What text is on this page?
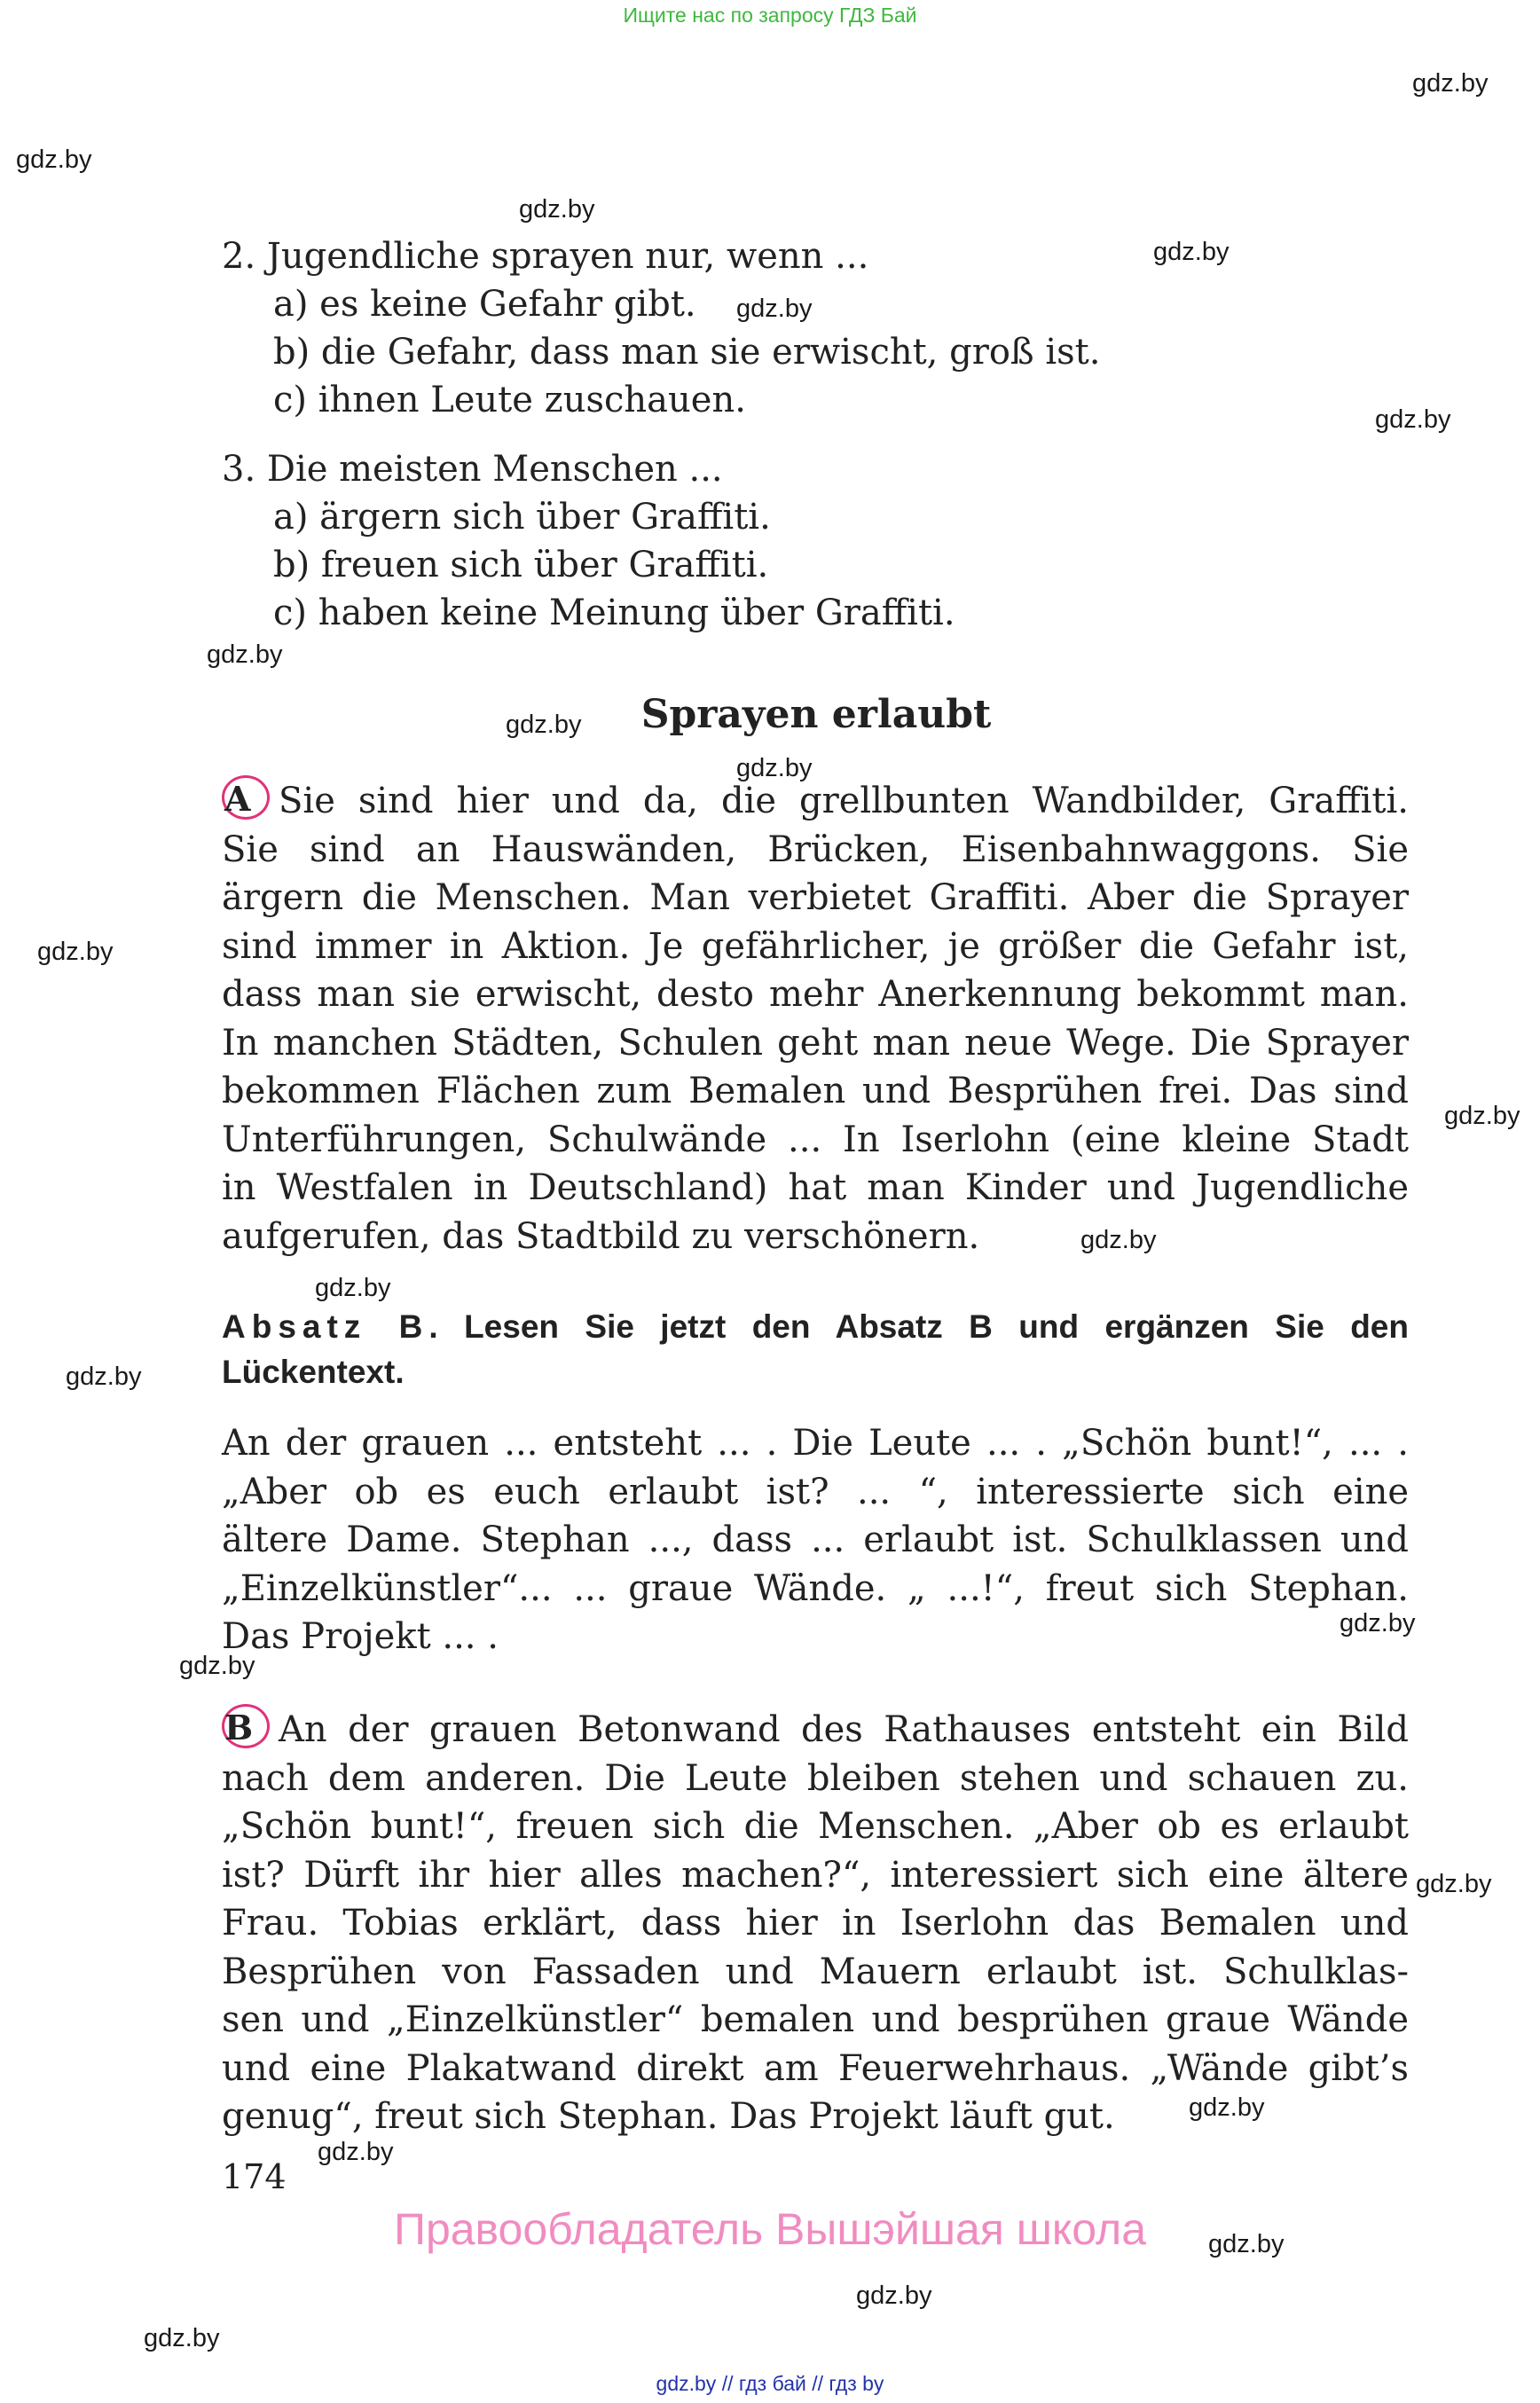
Ищите нас по запросу ГДЗ Бай
gdz.by
gdz.by
gdz.by
gdz.by
gdz.by
gdz.by
gdz.by
gdz.by
gdz.by
gdz.by
gdz.by
gdz.by
gdz.by
gdz.by
gdz.by
gdz.by
gdz.by
gdz.by
gdz.by
gdz.by
gdz.by
gdz.by
2. Jugendliche sprayen nur, wenn ...
a) es keine Gefahr gibt.
b) die Gefahr, dass man sie erwischt, groß ist.
c) ihnen Leute zuschauen.
3. Die meisten Menschen ...
a) ärgern sich über Graffiti.
b) freuen sich über Graffiti.
c) haben keine Meinung über Graffiti.
Sprayen erlaubt
A Sie sind hier und da, die grellbunten Wandbilder, Graffiti.
Sie sind an Hauswänden, Brücken, Eisenbahnwaggons. Sie
ärgern die Menschen. Man verbietet Graffiti. Aber die Sprayer
sind immer in Aktion. Je gefährlicher, je größer die Gefahr ist,
dass man sie erwischt, desto mehr Anerkennung bekommt man.
In manchen Städten, Schulen geht man neue Wege. Die Sprayer
bekommen Flächen zum Bemalen und Besprühen frei. Das sind
Unterführungen, Schulwände ... In Iserlohn (eine kleine Stadt
in Westfalen in Deutschland) hat man Kinder und Jugendliche
aufgerufen, das Stadtbild zu verschönern.
Absatz B. Lesen Sie jetzt den Absatz B und ergänzen Sie den
Lückentext.
An der grauen ... entsteht ... . Die Leute ... . „Schön bunt!“, ... .
„Aber ob es euch erlaubt ist? ... “, interessierte sich eine
ältere Dame. Stephan ..., dass ... erlaubt ist. Schulklassen und
„Einzelkünstler“... ... graue Wände. „ ...!“, freut sich Stephan.
Das Projekt ... .
B An der grauen Betonwand des Rathauses entsteht ein Bild
nach dem anderen. Die Leute bleiben stehen und schauen zu.
„Schön bunt!“, freuen sich die Menschen. „Aber ob es erlaubt
ist? Dürft ihr hier alles machen?“, interessiert sich eine ältere
Frau. Tobias erklärt, dass hier in Iserlohn das Bemalen und
Besprühen von Fassaden und Mauern erlaubt ist. Schulklas-
sen und „Einzelkünstler“ bemalen und besprühen graue Wände
und eine Plakatwand direkt am Feuerwehrhaus. „Wände gibt’s
genug“, freut sich Stephan. Das Projekt läuft gut.
174
Правообладатель Вышэйшая школа
gdz.by // гдз бай // гдз by
